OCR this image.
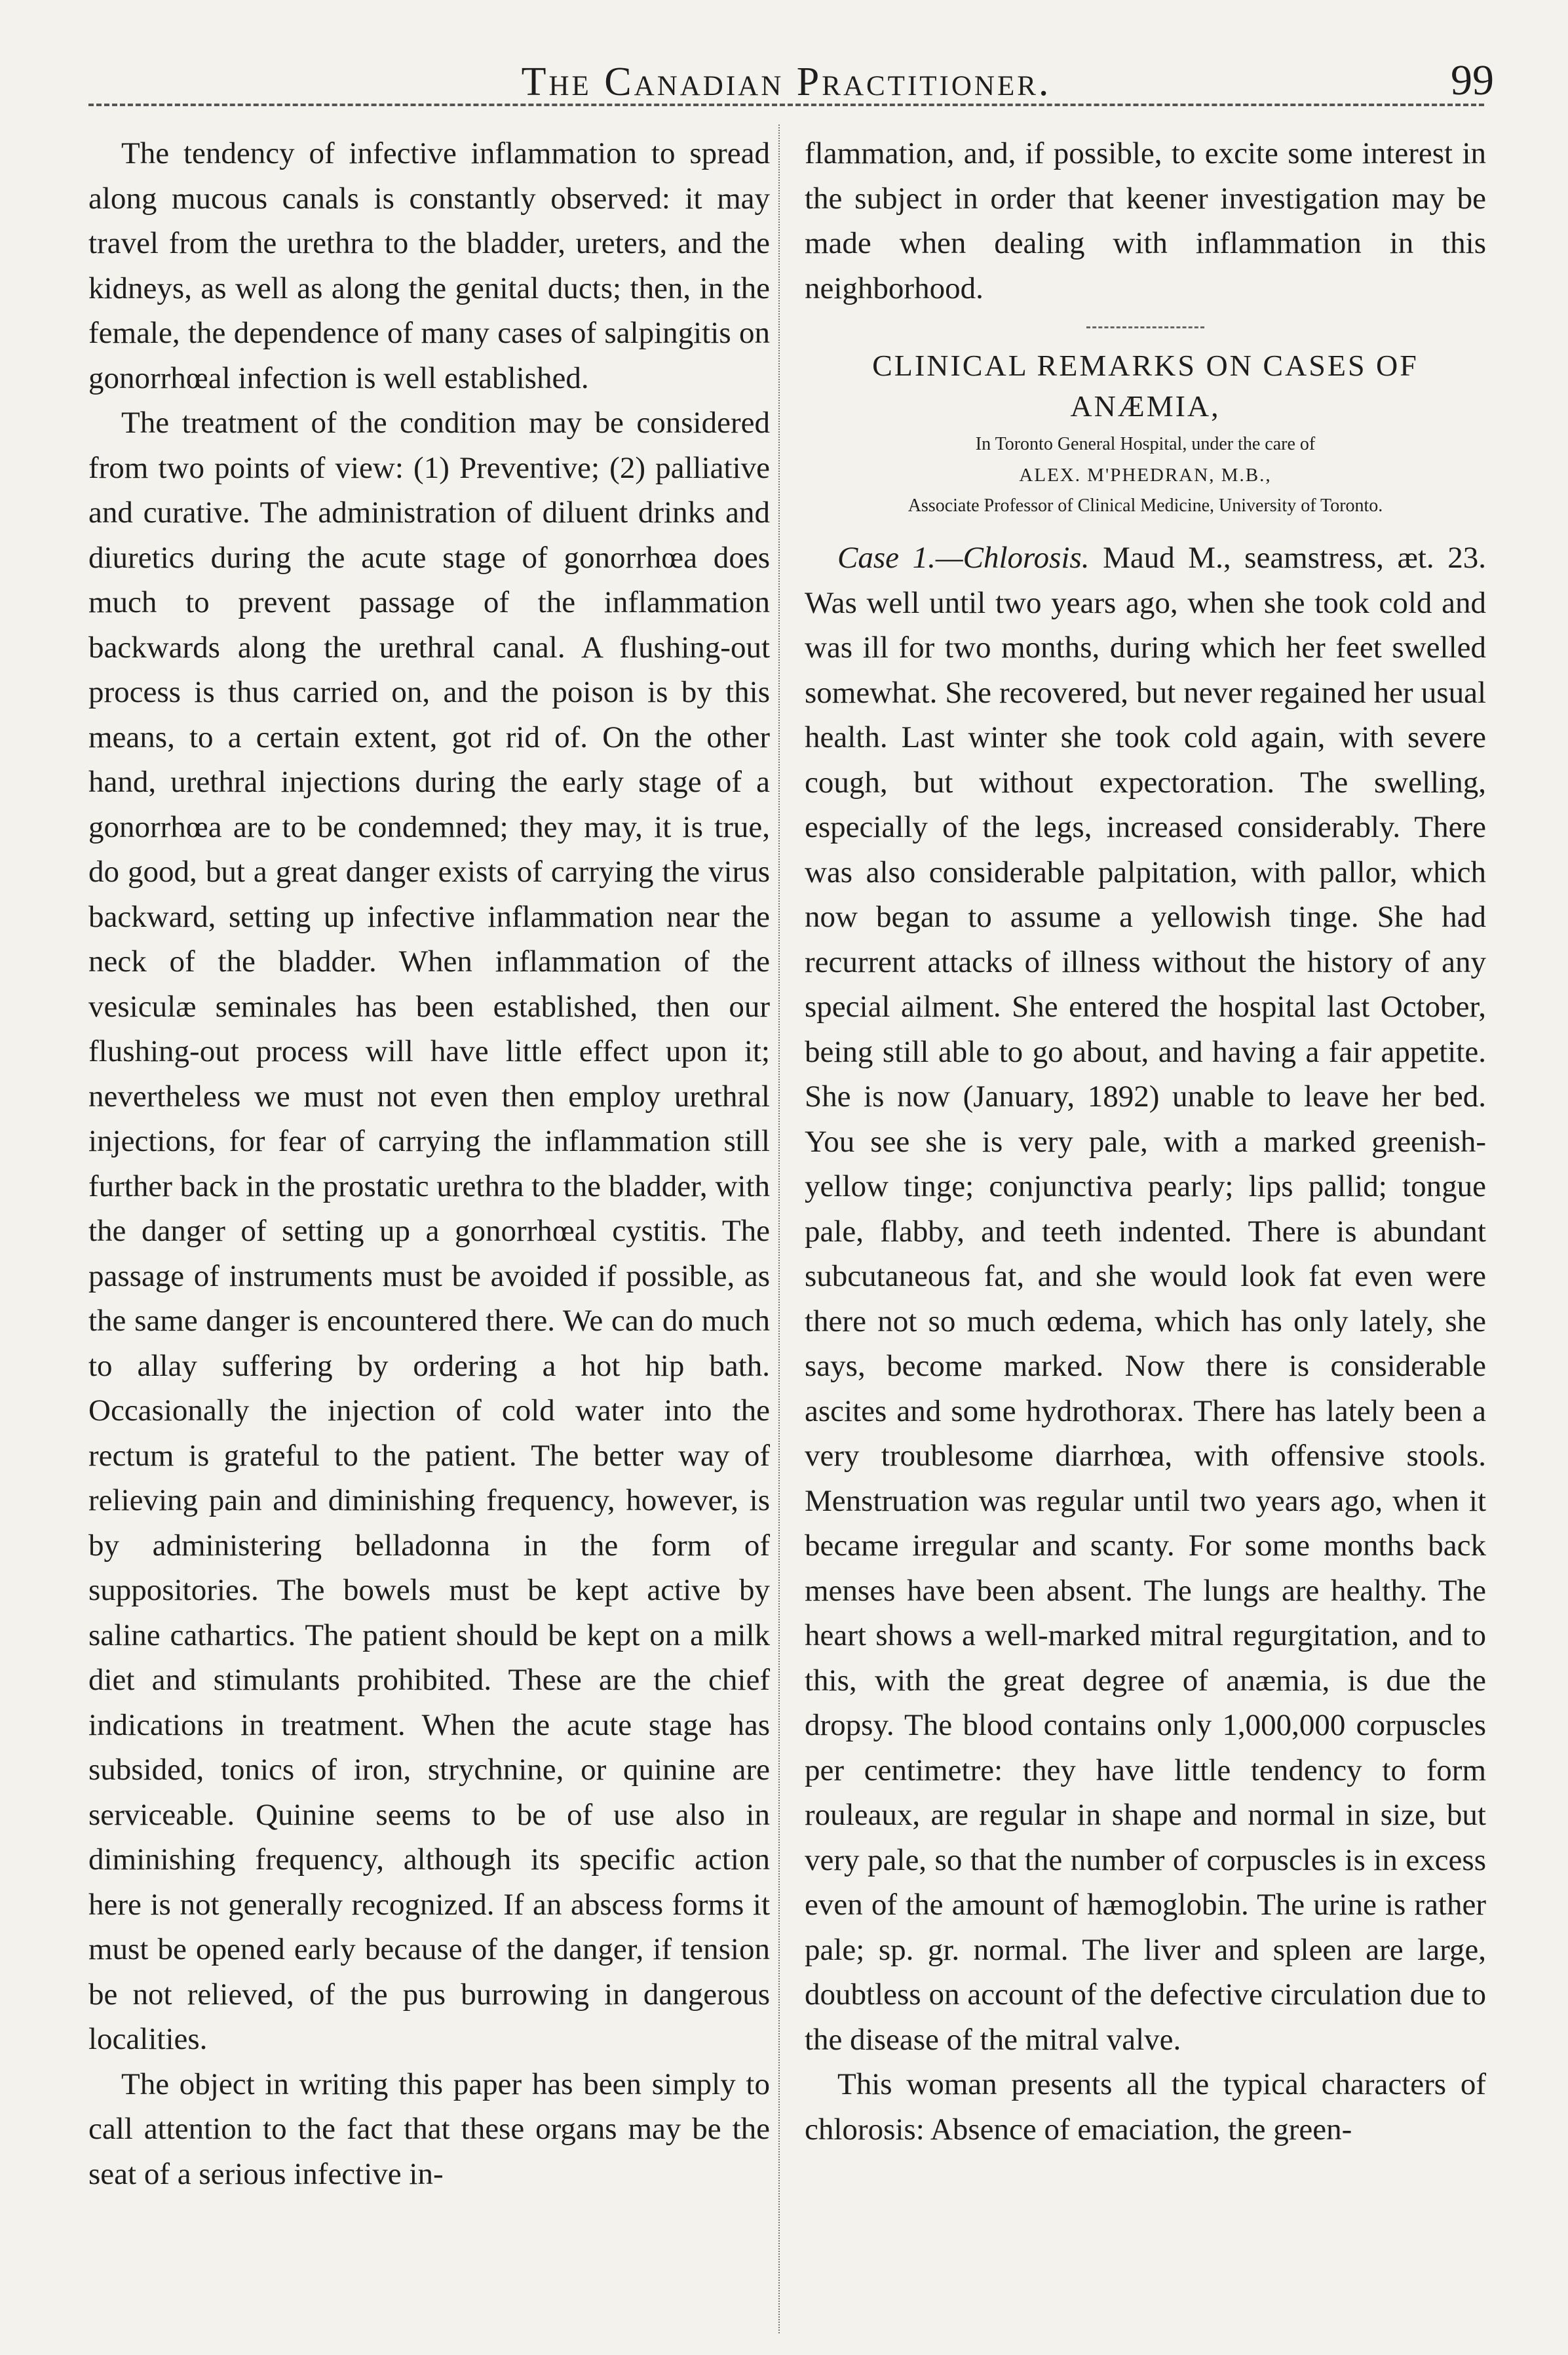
The Canadian Practitioner.	99

The tendency of infective inflammation to spread along mucous canals is constantly observed: it may travel from the urethra to the bladder, ureters, and the kidneys, as well as along the genital ducts; then, in the female, the dependence of many cases of salpingitis on gonorrhœal infection is well established.

The treatment of the condition may be considered from two points of view: (1) Preventive; (2) palliative and curative. The administration of diluent drinks and diuretics during the acute stage of gonorrhœa does much to prevent passage of the inflammation backwards along the urethral canal. A flushing-out process is thus carried on, and the poison is by this means, to a certain extent, got rid of. On the other hand, urethral injections during the early stage of a gonorrhœa are to be condemned; they may, it is true, do good, but a great danger exists of carrying the virus backward, setting up infective inflammation near the neck of the bladder. When inflammation of the vesiculæ seminales has been established, then our flushing-out process will have little effect upon it; nevertheless we must not even then employ urethral injections, for fear of carrying the inflammation still further back in the prostatic urethra to the bladder, with the danger of setting up a gonorrhœal cystitis. The passage of instruments must be avoided if possible, as the same danger is encountered there. We can do much to allay suffering by ordering a hot hip bath. Occasionally the injection of cold water into the rectum is grateful to the patient. The better way of relieving pain and diminishing frequency, however, is by administering belladonna in the form of suppositories. The bowels must be kept active by saline cathartics. The patient should be kept on a milk diet and stimulants prohibited. These are the chief indications in treatment. When the acute stage has subsided, tonics of iron, strychnine, or quinine are serviceable. Quinine seems to be of use also in diminishing frequency, although its specific action here is not generally recognized. If an abscess forms it must be opened early because of the danger, if tension be not relieved, of the pus burrowing in dangerous localities.

The object in writing this paper has been simply to call attention to the fact that these organs may be the seat of a serious infective in-

flammation, and, if possible, to excite some interest in the subject in order that keener investigation may be made when dealing with inflammation in this neighborhood.

CLINICAL REMARKS ON CASES OF ANÆMIA,
In Toronto General Hospital, under the care of
ALEX. M'PHEDRAN, M.B.,
Associate Professor of Clinical Medicine, University of Toronto.

Case 1.—Chlorosis. Maud M., seamstress, æt. 23. Was well until two years ago, when she took cold and was ill for two months, during which her feet swelled somewhat. She recovered, but never regained her usual health. Last winter she took cold again, with severe cough, but without expectoration. The swelling, especially of the legs, increased considerably. There was also considerable palpitation, with pallor, which now began to assume a yellowish tinge. She had recurrent attacks of illness without the history of any special ailment. She entered the hospital last October, being still able to go about, and having a fair appetite. She is now (January, 1892) unable to leave her bed. You see she is very pale, with a marked greenish-yellow tinge; conjunctiva pearly; lips pallid; tongue pale, flabby, and teeth indented. There is abundant subcutaneous fat, and she would look fat even were there not so much œdema, which has only lately, she says, become marked. Now there is considerable ascites and some hydrothorax. There has lately been a very troublesome diarrhœa, with offensive stools. Menstruation was regular until two years ago, when it became irregular and scanty. For some months back menses have been absent. The lungs are healthy. The heart shows a well-marked mitral regurgitation, and to this, with the great degree of anæmia, is due the dropsy. The blood contains only 1,000,000 corpuscles per centimetre: they have little tendency to form rouleaux, are regular in shape and normal in size, but very pale, so that the number of corpuscles is in excess even of the amount of hæmoglobin. The urine is rather pale; sp. gr. normal. The liver and spleen are large, doubtless on account of the defective circulation due to the disease of the mitral valve.

This woman presents all the typical characters of chlorosis: Absence of emaciation, the green-
